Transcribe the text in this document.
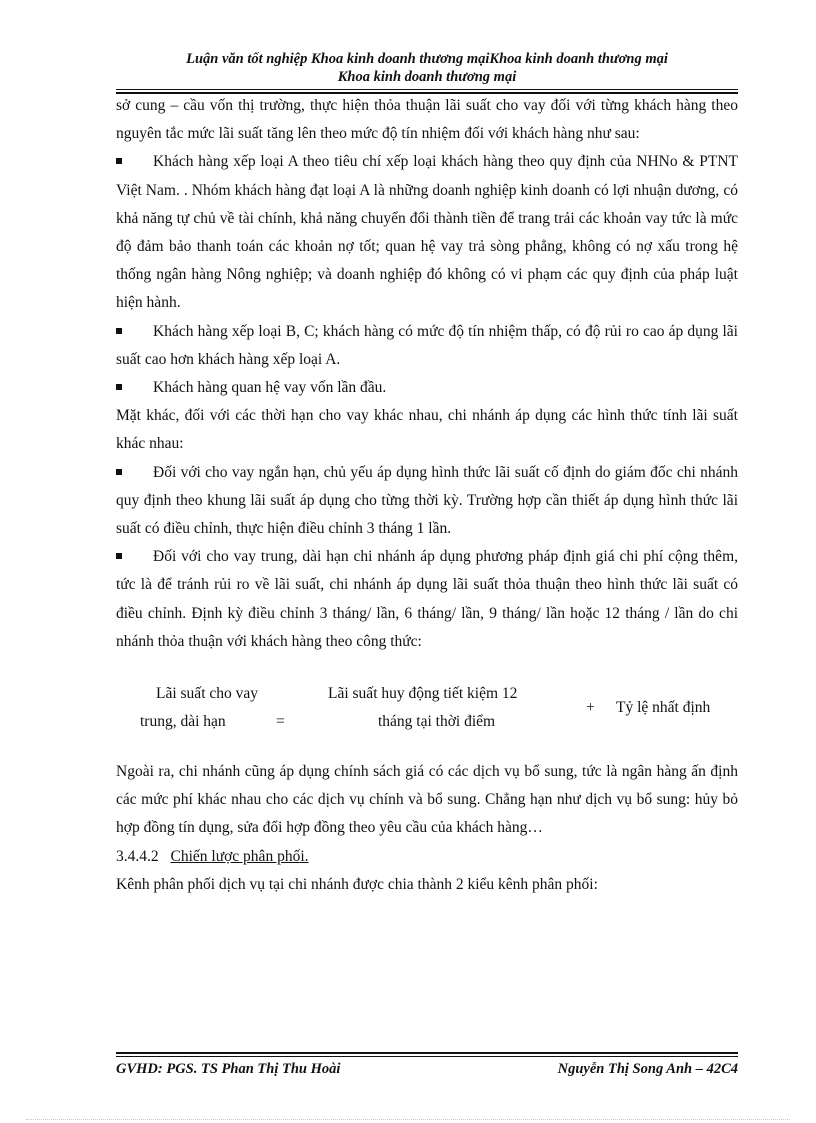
Luận văn tốt nghiệp Khoa kinh doanh thương mạiKhoa kinh doanh thương mại
Khoa kinh doanh thương mại

sở cung – cầu vốn thị trường, thực hiện thỏa thuận lãi suất cho vay đối với từng khách hàng theo nguyên tắc mức lãi suất tăng lên theo mức độ tín nhiệm đối với khách hàng như sau:

Khách hàng xếp loại A theo tiêu chí xếp loại khách hàng theo quy định của NHNo & PTNT Việt Nam. . Nhóm khách hàng đạt loại A là những doanh nghiệp kinh doanh có lợi nhuận dương, có khả năng tự chủ về tài chính, khả năng chuyển đổi thành tiền để trang trải các khoản vay tức là mức độ đảm bảo thanh toán các khoản nợ tốt; quan hệ vay trả sòng phẳng, không có nợ xấu trong hệ thống ngân hàng Nông nghiệp; và doanh nghiệp đó không có vi phạm các quy định của pháp luật hiện hành.

Khách hàng xếp loại B, C; khách hàng có mức độ tín nhiệm thấp, có độ rủi ro cao áp dụng lãi suất cao hơn khách hàng xếp loại A.

Khách hàng quan hệ vay vốn lần đầu.

Mặt khác, đối với các thời hạn cho vay khác nhau, chi nhánh áp dụng các hình thức tính lãi suất khác nhau:

Đối với cho vay ngắn hạn, chủ yếu áp dụng hình thức lãi suất cố định do giám đốc chi nhánh quy định theo khung lãi suất áp dụng cho từng thời kỳ. Trường hợp cần thiết áp dụng hình thức lãi suất có điều chỉnh, thực hiện điều chỉnh 3 tháng 1 lần.

Đối với cho vay trung, dài hạn chi nhánh áp dụng phương pháp định giá chi phí cộng thêm, tức là để tránh rủi ro về lãi suất, chi nhánh áp dụng lãi suất thỏa thuận theo hình thức lãi suất có điều chỉnh. Định kỳ điều chỉnh 3 tháng/ lần, 6 tháng/ lần, 9 tháng/ lần hoặc 12 tháng / lần do chi nhánh thỏa thuận với khách hàng theo công thức:

Lãi suất cho vay
trung, dài hạn	=
Lãi suất huy động tiết kiệm 12
tháng tại thời điểm
+ Tỷ lệ nhất định

Ngoài ra, chi nhánh cũng áp dụng chính sách giá có các dịch vụ bổ sung, tức là ngân hàng ấn định các mức phí khác nhau cho các dịch vụ chính và bổ sung. Chẳng hạn như dịch vụ bổ sung: hủy bỏ hợp đồng tín dụng, sửa đổi hợp đồng theo yêu cầu của khách hàng…

3.4.4.2 Chiến lược phân phối.

Kênh phân phối dịch vụ tại chi nhánh được chia thành 2 kiểu kênh phân phối:

GVHD: PGS. TS Phan Thị Thu Hoài	Nguyễn Thị Song Anh – 42C4
